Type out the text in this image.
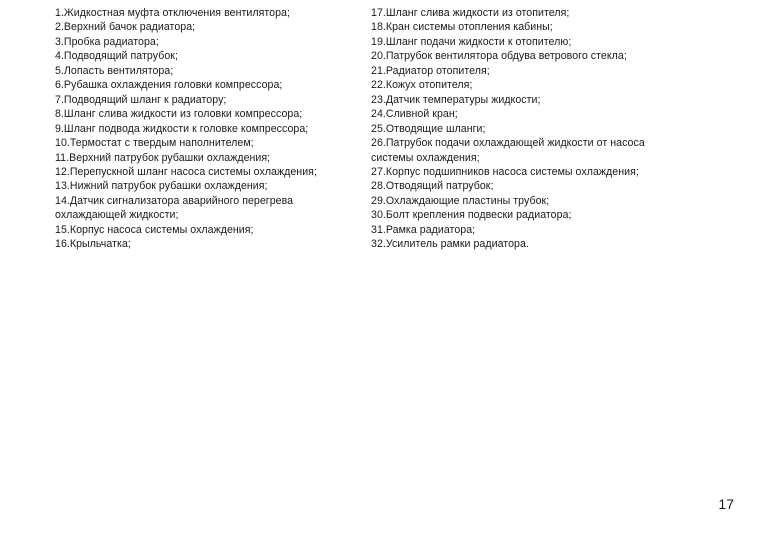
1.Жидкостная муфта отключения вентилятора;
2.Верхний бачок радиатора;
3.Пробка радиатора;
4.Подводящий патрубок;
5.Лопасть вентилятора;
6.Рубашка охлаждения головки компрессора;
7.Подводящий шланг к радиатору;
8.Шланг слива жидкости из головки компрессора;
9.Шланг подвода жидкости к головке компрессора;
10.Термостат с твердым наполнителем;
11.Верхний патрубок рубашки охлаждения;
12.Перепускной шланг насоса системы охлаждения;
13.Нижний патрубок рубашки охлаждения;
14.Датчик сигнализатора аварийного перегрева
охлаждающей жидкости;
15.Корпус насоса системы охлаждения;
16.Крыльчатка;
17.Шланг слива жидкости из отопителя;
18.Кран системы отопления кабины;
19.Шланг подачи жидкости к отопителю;
20.Патрубок вентилятора обдува ветрового стекла;
21.Радиатор отопителя;
22.Кожух отопителя;
23.Датчик температуры жидкости;
24.Сливной кран;
25.Отводящие шланги;
26.Патрубок подачи охлаждающей жидкости от насоса
системы охлаждения;
27.Корпус подшипников насоса системы охлаждения;
28.Отводящий патрубок;
29.Охлаждающие пластины трубок;
30.Болт крепления подвески радиатора;
31.Рамка радиатора;
32.Усилитель рамки радиатора.
17
